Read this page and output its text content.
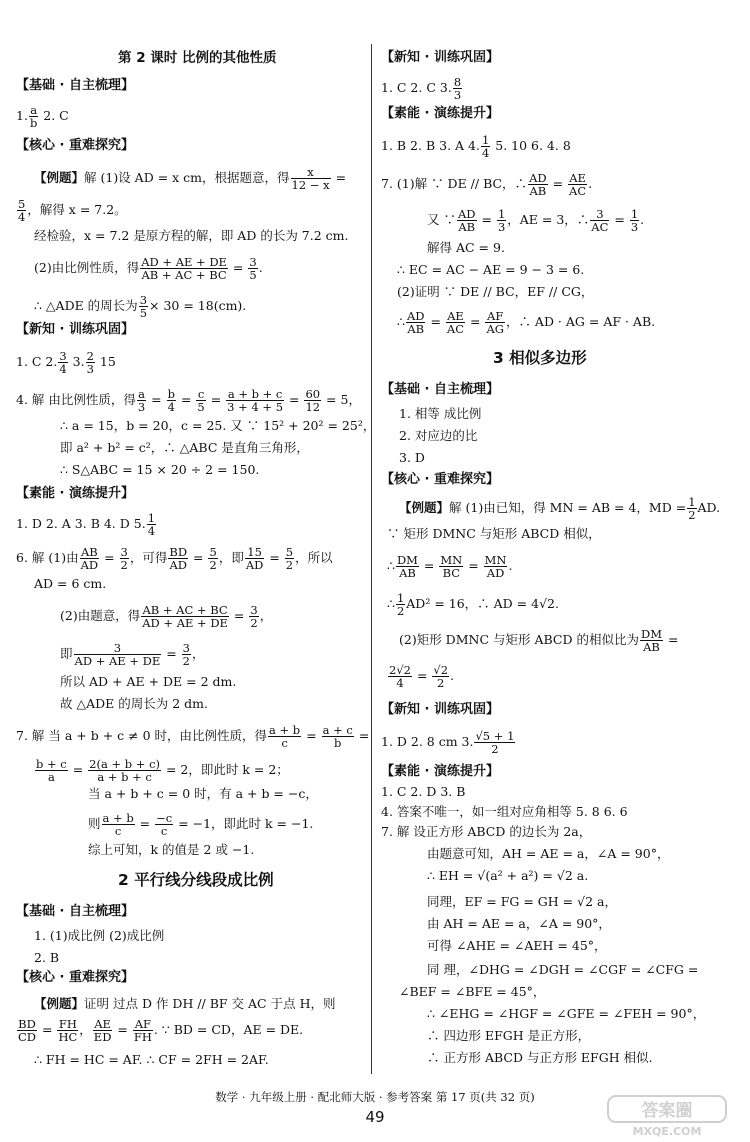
第 2 课时 比例的其他性质
【基础 · 自主梳理】
1. $\frac{a}{b} 2$. C
【核心 · 重难探究】
【例题】解 (1)设 AD = x cm，根据题意，得 $\frac{x}{12 - x}$ =
$\frac{5}{4}$ ，解得 x = 7.2。
经检验，x = 7.2 是原方程的解，即 AD 的长为 7.2 cm.
(2)由比例性质，得 $\frac{AD + AE + DE}{AB + AC + BC} = \frac{3}{5}$ .
∴ △ADE 的周长为 $\frac{3}{5} \times 30 = 18(cm)$.
【新知 · 训练巩固】
1. C 2. $\frac{3}{4} 3$. $\frac{2}{3} 15$
4. 解 由比例性质，得 $\frac{a}{3} = \frac{b}{4} = \frac{c}{5} = \frac{a + b + c}{3 + 4 + 5} = \frac{60}{12} = 5$，
∴ a = 15，b = 20，c = 25. 又 ∵ 15² + 20² = 25²，
即 a² + b² = c²，∴ △ABC 是直角三角形，
∴ S△ABC = 15 × 20 ÷ 2 = 150.
【素能 · 演练提升】
1. D 2. A 3. B 4. D 5. $\frac{1}{4}$
6. 解 (1)由 $\frac{AB}{AD} = \frac{3}{2}$ ，可得 $\frac{BD}{AD} = \frac{5}{2}$ ，即 $\frac{15}{AD} = \frac{5}{2}$ ，所以
AD = 6 cm.
(2)由题意，得 $\frac{AB + AC + BC}{AD + AE + DE} = \frac{3}{2}$ ，
即 $\frac{3}{AD + AE + DE} = \frac{3}{2}$ ，
所以 AD + AE + DE = 2 dm.
故 △ADE 的周长为 2 dm.
7. 解 当 a + b + c ≠ 0 时，由比例性质，得 $\frac{a + b}{c} = \frac{a + c}{b}$ =
$\frac{b + c}{a} = \frac{2(a + b + c)}{a + b + c} = 2$，即此时 k = 2；
当 a + b + c = 0 时，有 a + b = −c，
则 $\frac{a + b}{c} = \frac{-c}{c} = -1$，即此时 k = −1.
综上可知，k 的值是 2 或 −1.
2 平行线分线段成比例
【基础 · 自主梳理】
1. (1)成比例 (2)成比例
2. B
【核心 · 重难探究】
【例题】证明 过点 D 作 DH // BF 交 AC 于点 H，则
$\frac{BD}{CD} = \frac{FH}{HC}$ ， $\frac{AE}{ED} = \frac{AF}{FH}$ . ∵ BD = CD，AE = DE.
∴ FH = HC = AF. ∴ CF = 2FH = 2AF.
【新知 · 训练巩固】
1. C 2. C 3. $\frac{8}{3}$
【素能 · 演练提升】
1. B 2. B 3. A 4. $\frac{1}{4} 5$. 10 6. 4. 8
7. (1)解 ∵ DE // BC，∴ $\frac{AD}{AB} = \frac{AE}{AC}$ .
又 ∵ $\frac{AD}{AB} = \frac{1}{3}$ ，AE = 3，∴ $\frac{3}{AC} = \frac{1}{3}$ .
解得 AC = 9.
∴ EC = AC − AE = 9 − 3 = 6.
(2)证明 ∵ DE // BC，EF // CG，
∴ $\frac{AD}{AB} = \frac{AE}{AC} = \frac{AF}{AG}$ ，∴ AD · AG = AF · AB.
3 相似多边形
【基础 · 自主梳理】
1. 相等 成比例
2. 对应边的比
3. D
【核心 · 重难探究】
【例题】解 (1)由已知，得 MN = AB = 4，MD = $\frac{1}{2}$ AD.
∵ 矩形 DMNC 与矩形 ABCD 相似，
∴ $\frac{DM}{AB} = \frac{MN}{BC} = \frac{MN}{AD}$ .
∴ $\frac{1}{2} AD^2 = 16$，∴ AD = 4√2.
(2)矩形 DMNC 与矩形 ABCD 的相似比为 $\frac{DM}{AB}$ =
$\frac{2√2}{4} = \frac{√2}{2}$ .
【新知 · 训练巩固】
1. D 2. 8 cm 3. $\frac{√5 + 1}{2}$
【素能 · 演练提升】
1. C 2. D 3. B
4. 答案不唯一，如一组对应角相等 5. 8 6. 6
7. 解 设正方形 ABCD 的边长为 2a，
由题意可知，AH = AE = a，∠A = 90°，
∴ EH = √(a² + a²) = √2 a.
同理，EF = FG = GH = √2 a，
由 AH = AE = a，∠A = 90°，
可得 ∠AHE = ∠AEH = 45°，
同 理，∠DHG = ∠DGH = ∠CGF = ∠CFG =
∠BEF = ∠BFE = 45°，
∴ ∠EHG = ∠HGF = ∠GFE = ∠FEH = 90°，
∴ 四边形 EFGH 是正方形，
∴ 正方形 ABCD 与正方形 EFGH 相似.
数学 · 九年级上册 · 配北师大版 · 参考答案 第 17 页(共 32 页)
49	答案圈
MXQE.COM
